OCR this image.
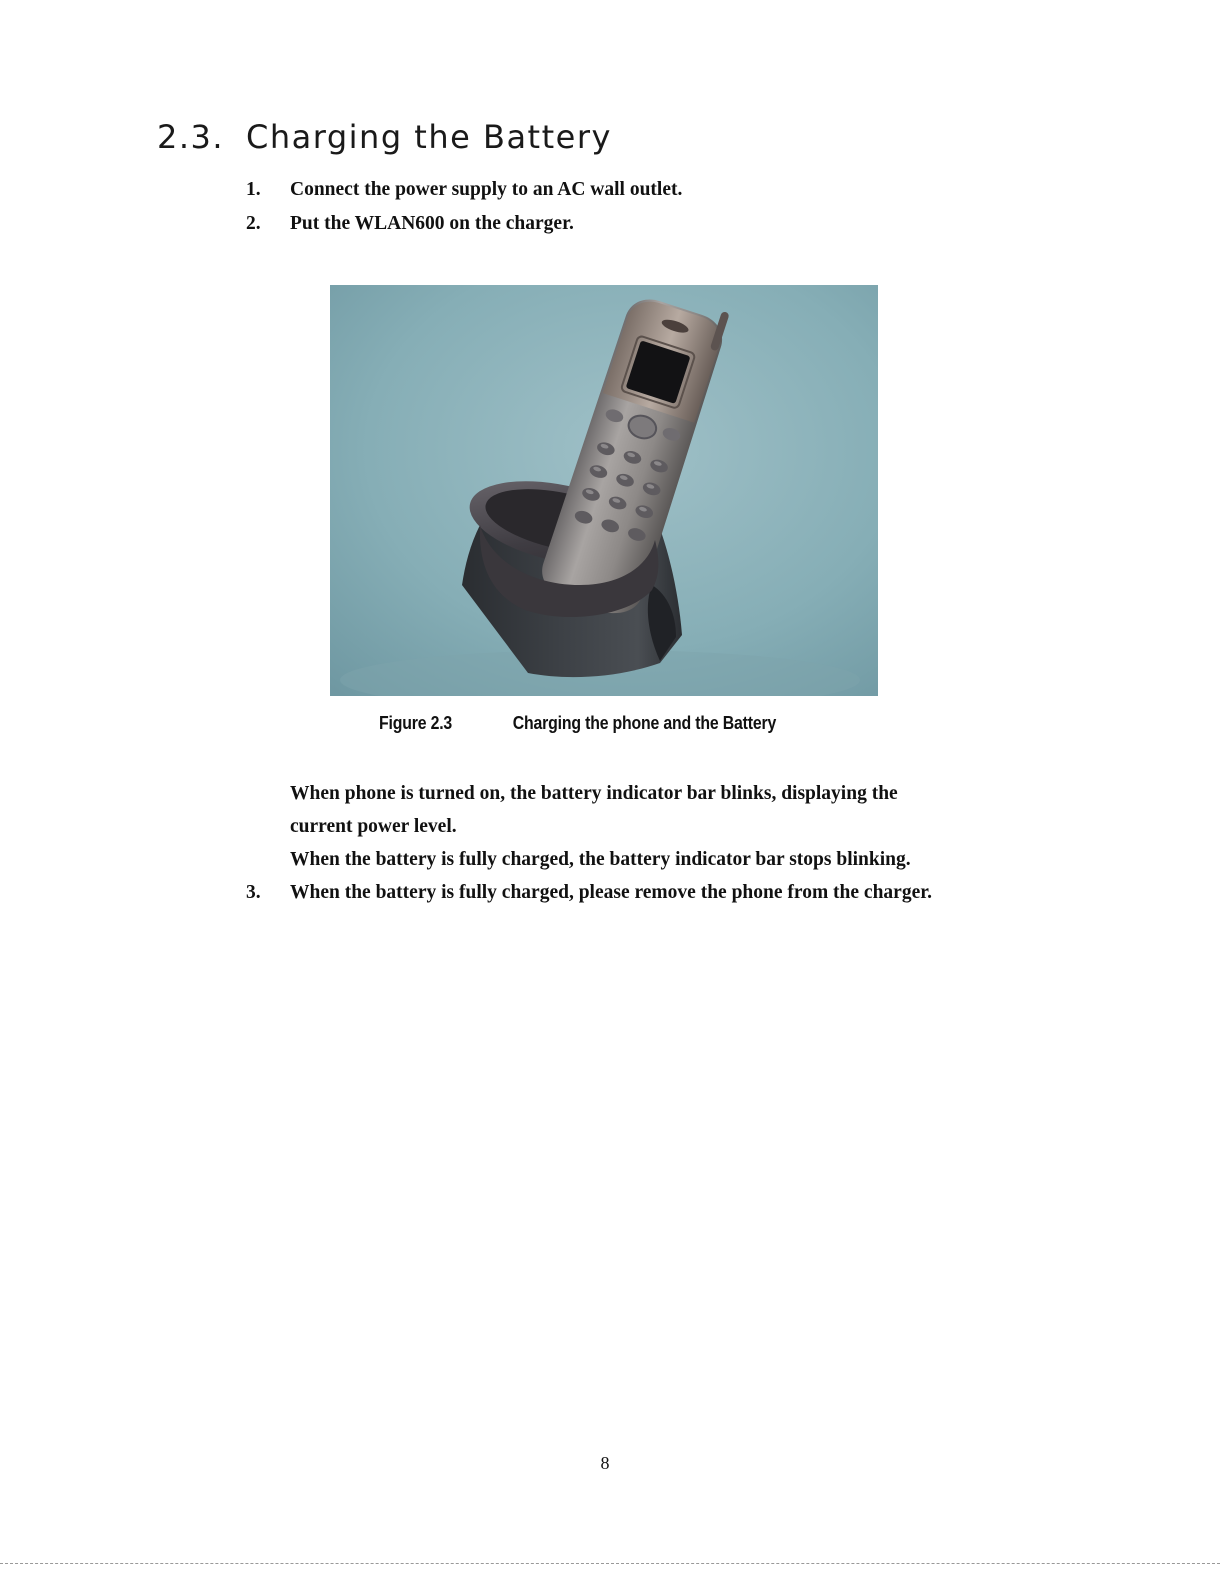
2.3. Charging the Battery
1. Connect the power supply to an AC wall outlet.
2. Put the WLAN600 on the charger.
Figure 2.3	Charging the phone and the Battery
When phone is turned on, the battery indicator bar blinks, displaying the
current power level.
When the battery is fully charged, the battery indicator bar stops blinking.
3. When the battery is fully charged, please remove the phone from the charger.
8
